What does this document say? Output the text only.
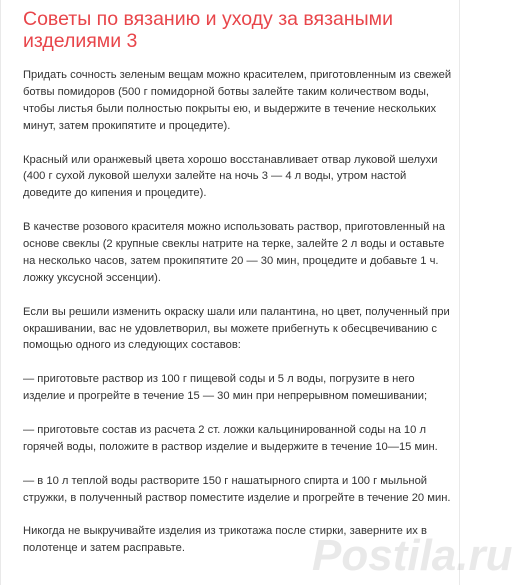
Советы по вязанию и уходу за вязаными изделиями 3

Придать сочность зеленым вещам можно красителем, приготовленным из свежей ботвы помидоров (500 г помидорной ботвы залейте таким количеством воды, чтобы листья были полностью покрыты ею, и выдержите в течение нескольких минут, затем прокипятите и процедите).

Красный или оранжевый цвета хорошо восстанавливает отвар луковой шелухи (400 г сухой луковой шелухи залейте на ночь 3 — 4 л воды, утром настой доведите до кипения и процедите).

В качестве розового красителя можно использовать раствор, приготовленный на основе свеклы (2 крупные свеклы натрите на терке, залейте 2 л воды и оставьте на несколько часов, затем прокипятите 20 — 30 мин, процедите и добавьте 1 ч. ложку уксусной эссенции).

Если вы решили изменить окраску шали или палантина, но цвет, полученный при окрашивании, вас не удовлетворил, вы можете прибегнуть к обесцвечиванию с помощью одного из следующих составов:

— приготовьте раствор из 100 г пищевой соды и 5 л воды, погрузите в него изделие и прогрейте в течение 15 — 30 мин при непрерывном помешивании;

— приготовьте состав из расчета 2 ст. ложки кальцинированной соды на 10 л горячей воды, положите в раствор изделие и выдержите в течение 10—15 мин.

— в 10 л теплой воды растворите 150 г нашатырного спирта и 100 г мыльной стружки, в полученный раствор поместите изделие и прогрейте в течение 20 мин.

Никогда не выкручивайте изделия из трикотажа после стирки, заверните их в полотенце и затем расправьте.	Postila.ru
